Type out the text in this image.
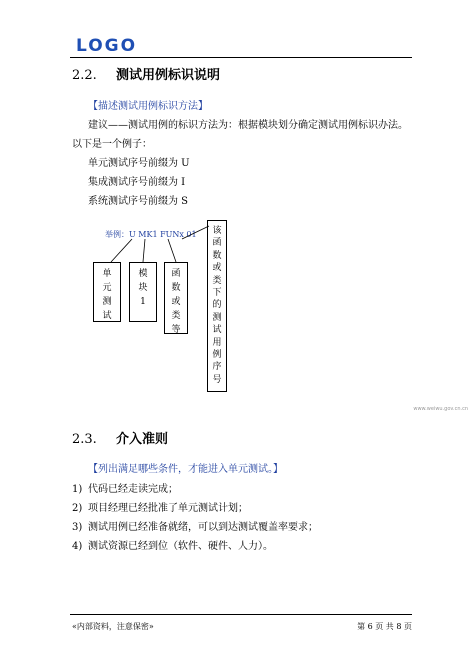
LOGO
2.2. 测试用例标识说明
【描述测试用例标识方法】
建议——测试用例的标识方法为：根据模块划分确定测试用例标识办法。
以下是一个例子：
单元测试序号前缀为 U
集成测试序号前缀为 I
系统测试序号前缀为 S
举例：U MK1 FUNx 01
单
元
测
试
模
块
1
函
数
或
类
等
该
函
数
或
类
下
的
测
试
用
例
序
号
2.3. 介入准则
【列出满足哪些条件，才能进入单元测试。】
1) 代码已经走读完成；
2) 项目经理已经批准了单元测试计划；
3) 测试用例已经准备就绪，可以到达测试覆盖率要求；
4) 测试资源已经到位（软件、硬件、人力）。
www.weiwu.gov.cn.cn
«内部资料，注意保密»	第 6 页 共 8 页
